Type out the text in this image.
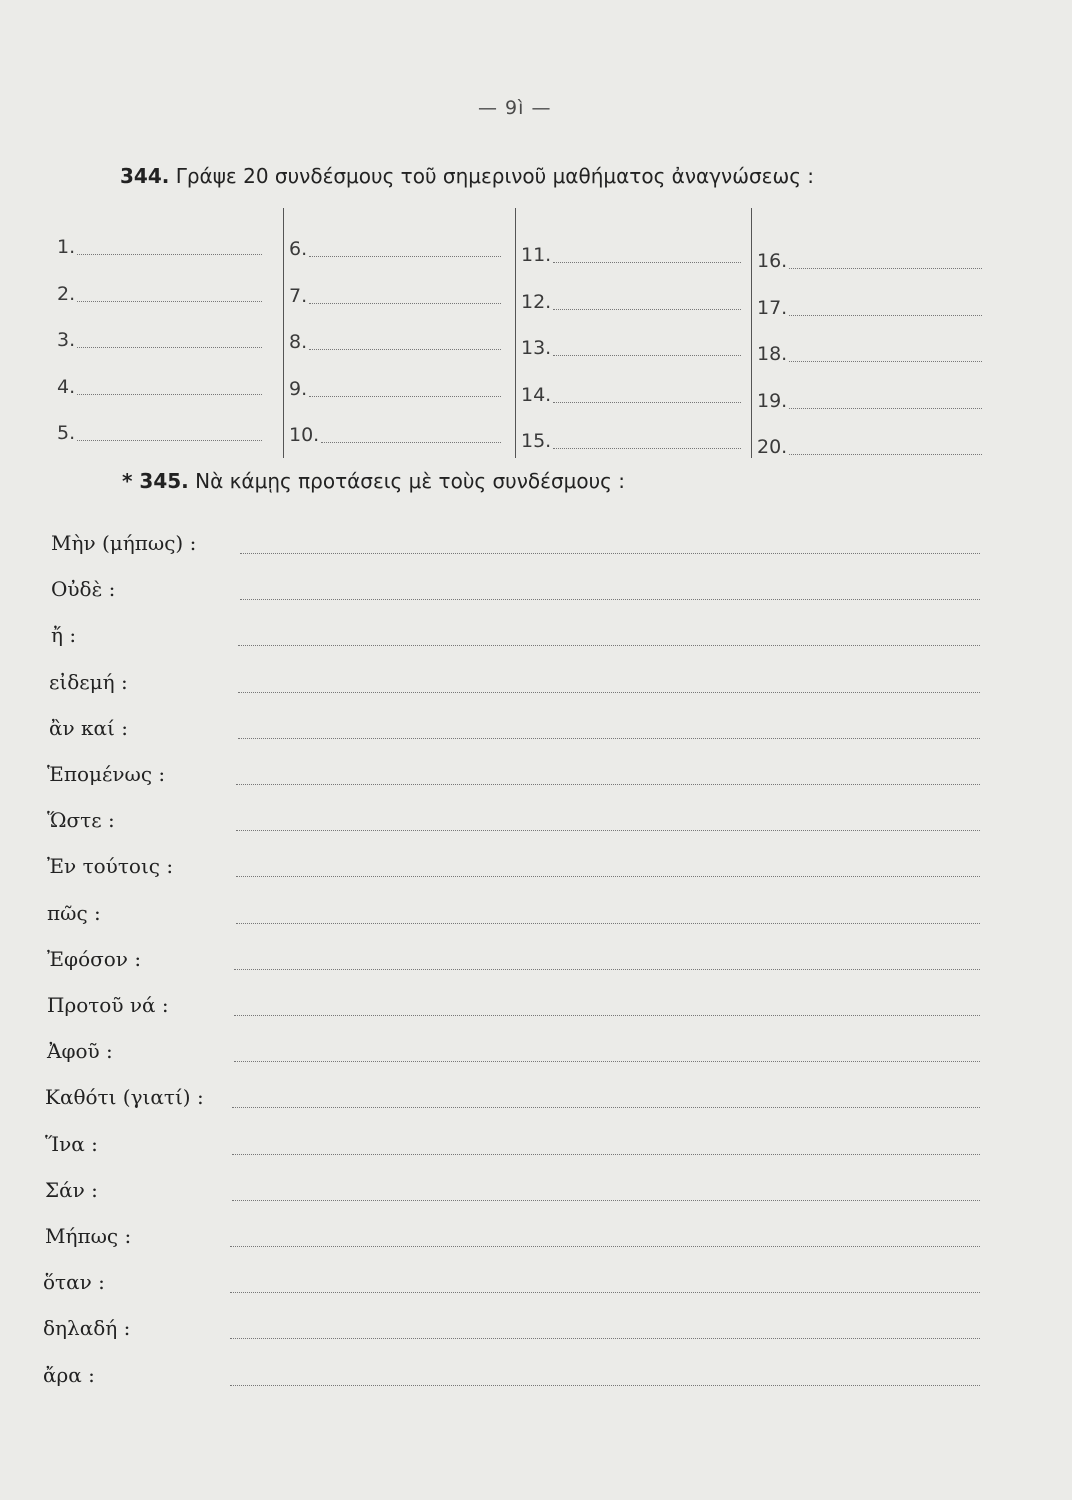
— 9ì —
344. Γράψε 20 συνδέσμους τοῦ σημερινοῦ μαθήματος ἀναγνώσεως :
1.
2.
3.
4.
5.
6.
7.
8.
9.
10.
11.
12.
13.
14.
15.
16.
17.
18.
19.
20.
* 345. Νὰ κάμῃς προτάσεις μὲ τοὺς συνδέσμους :
Μὴν (μήπως) :
Οὐδὲ :
ἤ :
εἰδεμή :
ἂν καί :
Ἑπομένως :
Ὥστε :
Ἐν τούτοις :
πῶς :
Ἐφόσον :
Προτοῦ νά :
Ἀφοῦ :
Καθότι (γιατί) :
Ἵνα :
Σάν :
Μήπως :
ὅταν :
δηλαδή :
ἄρα :
